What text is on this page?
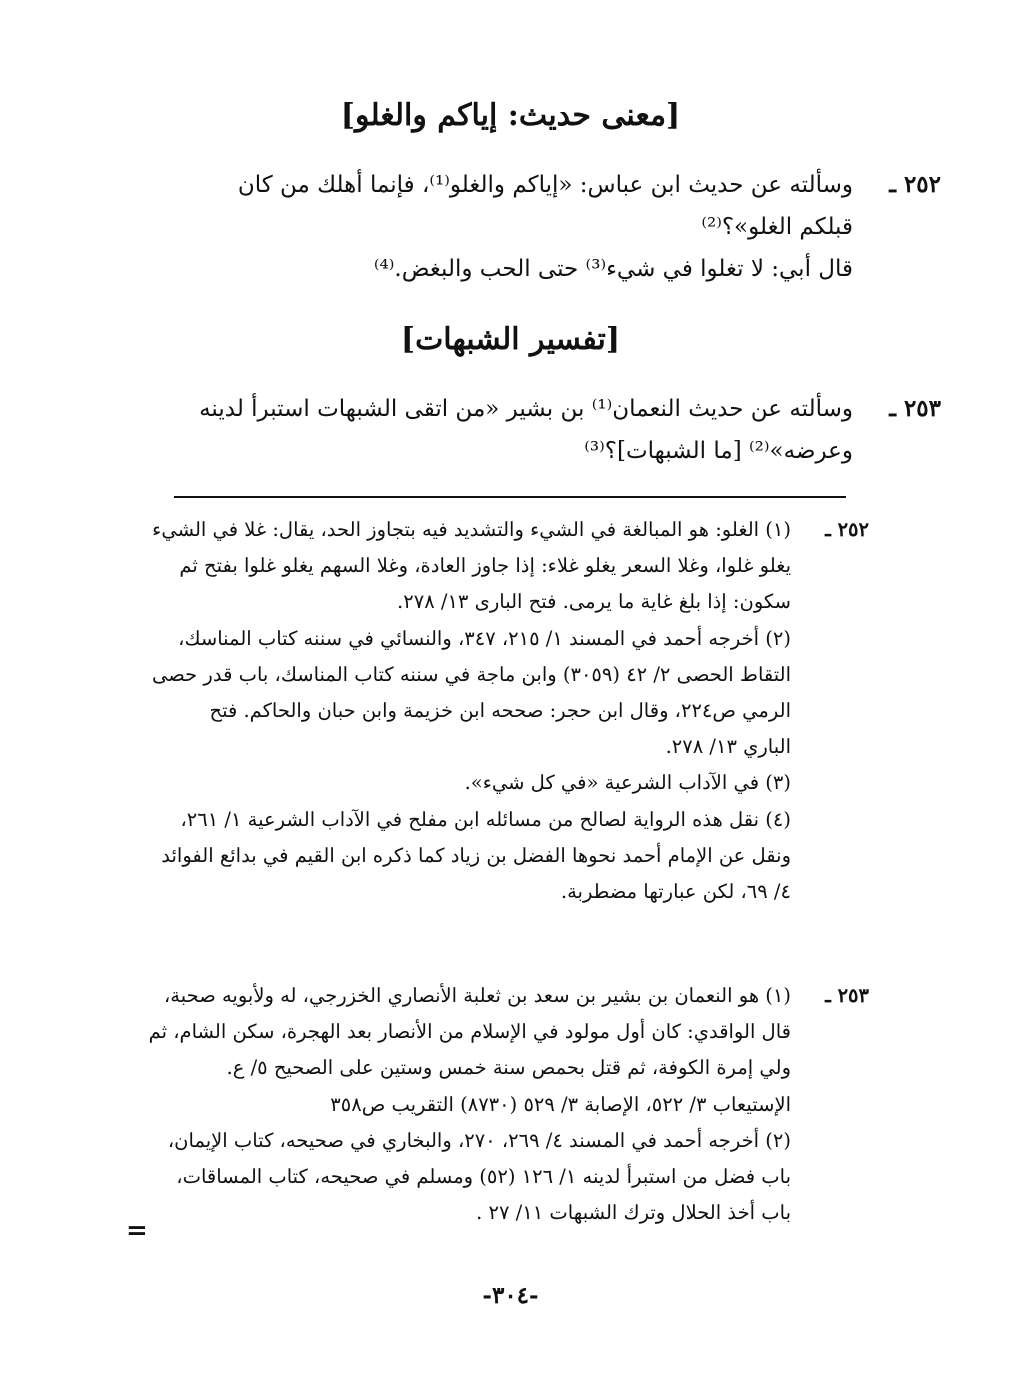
[معنى حديث: إياكم والغلو]
٢٥٢ ـ
وسألته عن حديث ابن عباس: «إياكم والغلو⁽¹⁾، فإنما أهلك من كان
قبلكم الغلو»؟⁽²⁾
قال أبي: لا تغلوا في شيء⁽³⁾ حتى الحب والبغض.⁽⁴⁾
[تفسير الشبهات]
٢٥٣ ـ
وسألته عن حديث النعمان⁽¹⁾ بن بشير «من اتقى الشبهات استبرأ لدينه
وعرضه»⁽²⁾ [ما الشبهات]؟⁽³⁾
٢٥٢ ـ
(١) الغلو: هو المبالغة في الشيء والتشديد فيه بتجاوز الحد، يقال: غلا في الشيء
يغلو غلوا، وغلا السعر يغلو غلاء: إذا جاوز العادة، وغلا السهم يغلو غلوا بفتح ثم
سكون: إذا بلغ غاية ما يرمى. فتح البارى ١٣/ ٢٧٨.
(٢) أخرجه أحمد في المسند ١/ ٢١٥، ٣٤٧، والنسائي في سننه كتاب المناسك،
التقاط الحصى ٢/ ٤٢ (٣٠٥٩) وابن ماجة في سننه كتاب المناسك، باب قدر حصى
الرمي ص٢٢٤، وقال ابن حجر: صححه ابن خزيمة وابن حبان والحاكم. فتح
الباري ١٣/ ٢٧٨.
(٣) في الآداب الشرعية «في كل شيء».
(٤) نقل هذه الرواية لصالح من مسائله ابن مفلح في الآداب الشرعية ١/ ٢٦١،
ونقل عن الإمام أحمد نحوها الفضل بن زياد كما ذكره ابن القيم في بدائع الفوائد
٤/ ٦٩، لكن عبارتها مضطربة.
٢٥٣ ـ
(١) هو النعمان بن بشير بن سعد بن ثعلبة الأنصاري الخزرجي، له ولأبويه صحبة،
قال الواقدي: كان أول مولود في الإسلام من الأنصار بعد الهجرة، سكن الشام، ثم
ولي إمرة الكوفة، ثم قتل بحمص سنة خمس وستين على الصحيح ٥/ ع.
الإستيعاب ٣/ ٥٢٢، الإصابة ٣/ ٥٢٩ (٨٧٣٠) التقريب ص٣٥٨
(٢) أخرجه أحمد في المسند ٤/ ٢٦٩، ٢٧٠، والبخاري في صحيحه، كتاب الإيمان،
باب فضل من استبرأ لدينه ١/ ١٢٦ (٥٢) ومسلم في صحيحه، كتاب المساقات،
باب أخذ الحلال وترك الشبهات ١١/ ٢٧ .
=
-٣٠٤-
